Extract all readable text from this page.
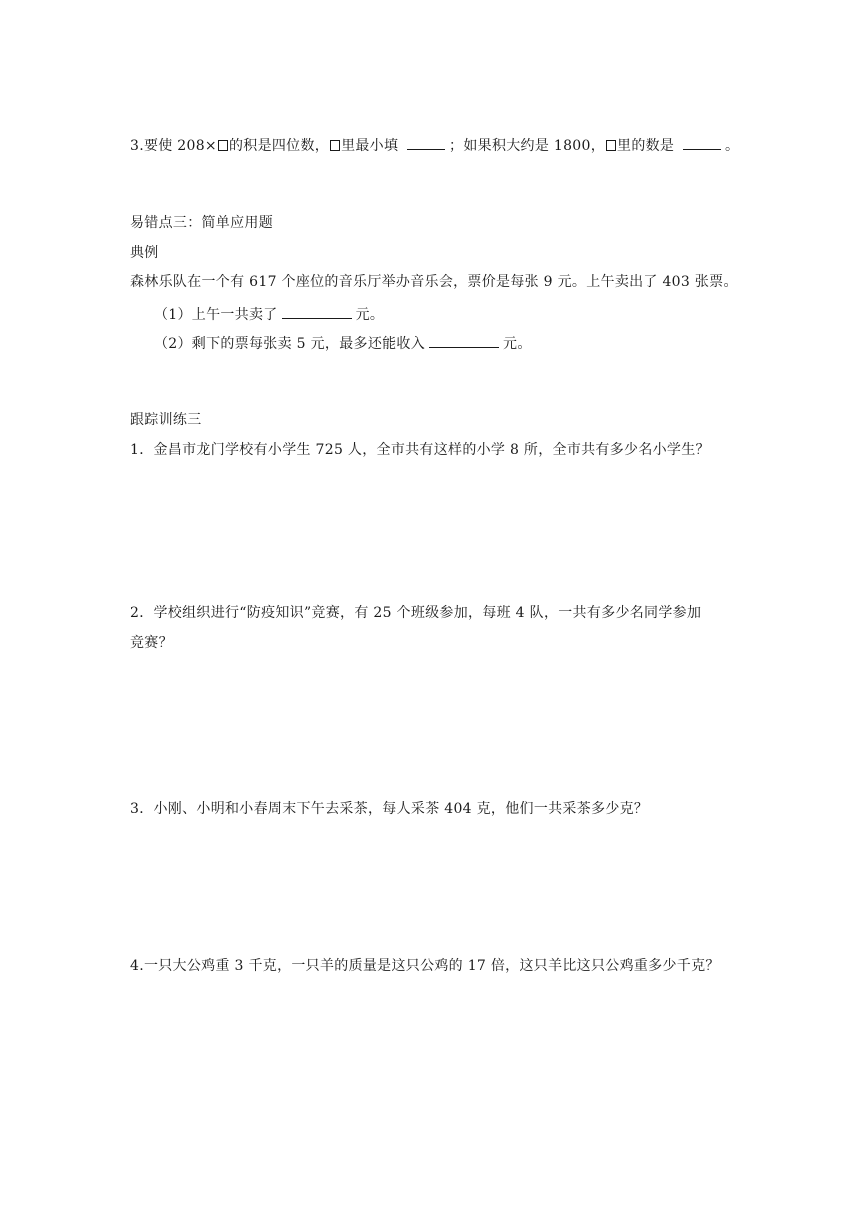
3.要使 208× 的积是四位数， 里最小填	；如果积大约是 1800， 里的数是	。
易错点三：简单应用题
典例
森林乐队在一个有 617 个座位的音乐厅举办音乐会，票价是每张 9 元。上午卖出了 403 张票。
（1）上午一共卖了	元。
（2）剩下的票每张卖 5 元，最多还能收入	元。
跟踪训练三
1．金昌市龙门学校有小学生 725 人，全市共有这样的小学 8 所，全市共有多少名小学生？
2．学校组织进行“防疫知识”竞赛，有 25 个班级参加，每班 4 队，一共有多少名同学参加
竞赛？
3．小刚、小明和小春周末下午去采茶，每人采茶 404 克，他们一共采茶多少克？
4.一只大公鸡重 3 千克，一只羊的质量是这只公鸡的 17 倍，这只羊比这只公鸡重多少千克？
